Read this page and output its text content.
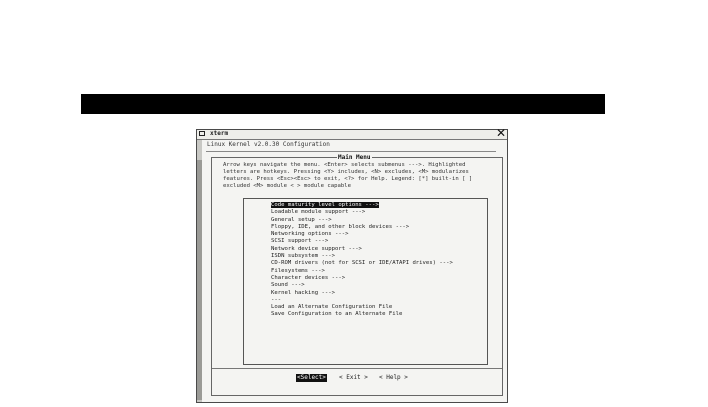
xterm	✕
Linux Kernel v2.0.30 Configuration
Main Menu
Arrow keys navigate the menu. <Enter> selects submenus --->. Highlighted
letters are hotkeys. Pressing <Y> includes, <N> excludes, <M> modularizes
features. Press <Esc><Esc> to exit, <?> for Help. Legend: [*] built-in [ ]
excluded <M> module < > module capable
Code maturity level options --->
Loadable module support --->
General setup --->
Floppy, IDE, and other block devices --->
Networking options --->
SCSI support --->
Network device support --->
ISDN subsystem --->
CD-ROM drivers (not for SCSI or IDE/ATAPI drives) --->
Filesystems --->
Character devices --->
Sound --->
Kernel hacking --->
---
Load an Alternate Configuration File
Save Configuration to an Alternate File
<Select> < Exit > < Help >
